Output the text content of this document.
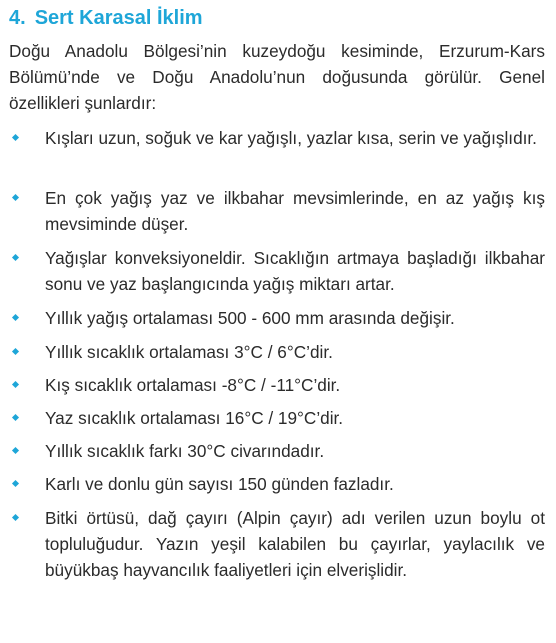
4. Sert Karasal İklim

Doğu Anadolu Bölgesi’nin kuzeydoğu kesiminde, Erzurum-Kars Bölümü’nde ve Doğu Anadolu’nun doğusunda görülür. Genel özellikleri şunlardır:

Kışları uzun, soğuk ve kar yağışlı, yazlar kısa, serin ve yağışlıdır.
En çok yağış yaz ve ilkbahar mevsimlerinde, en az yağış kış mevsiminde düşer.
Yağışlar konveksiyoneldir. Sıcaklığın artmaya başladığı ilkbahar sonu ve yaz başlangıcında yağış miktarı artar.
Yıllık yağış ortalaması 500 - 600 mm arasında değişir.
Yıllık sıcaklık ortalaması 3°C / 6°C’dir.
Kış sıcaklık ortalaması -8°C / -11°C’dir.
Yaz sıcaklık ortalaması 16°C / 19°C’dir.
Yıllık sıcaklık farkı 30°C civarındadır.
Karlı ve donlu gün sayısı 150 günden fazladır.
Bitki örtüsü, dağ çayırı (Alpin çayır) adı verilen uzun boylu ot topluluğudur. Yazın yeşil kalabilen bu çayırlar, yaylacılık ve büyükbaş hayvancılık faaliyetleri için elverişlidir.
